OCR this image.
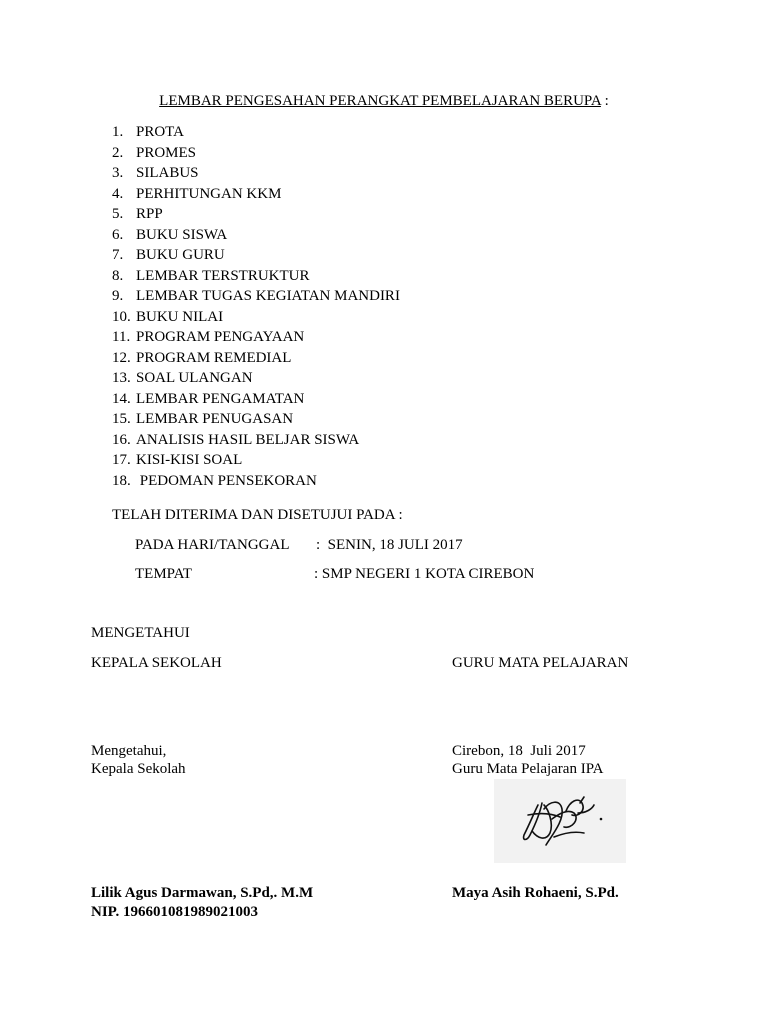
LEMBAR PENGESAHAN PERANGKAT PEMBELAJARAN BERUPA :
1. PROTA
2. PROMES
3. SILABUS
4. PERHITUNGAN KKM
5. RPP
6. BUKU SISWA
7. BUKU GURU
8. LEMBAR TERSTRUKTUR
9. LEMBAR TUGAS KEGIATAN MANDIRI
10. BUKU NILAI
11. PROGRAM PENGAYAAN
12. PROGRAM REMEDIAL
13. SOAL ULANGAN
14. LEMBAR PENGAMATAN
15. LEMBAR PENUGASAN
16. ANALISIS HASIL BELJAR SISWA
17. KISI-KISI SOAL
18. PEDOMAN PENSEKORAN
TELAH DITERIMA DAN DISETUJUI PADA :
PADA HARI/TANGGAL :  SENIN, 18 JULI 2017
TEMPAT	: SMP NEGERI 1 KOTA CIREBON
MENGETAHUI
KEPALA SEKOLAH	GURU MATA PELAJARAN
Mengetahui,
Kepala Sekolah
Cirebon, 18  Juli 2017
Guru Mata Pelajaran IPA
Lilik Agus Darmawan, S.Pd,. M.M
NIP. 196601081989021003
Maya Asih Rohaeni, S.Pd.
